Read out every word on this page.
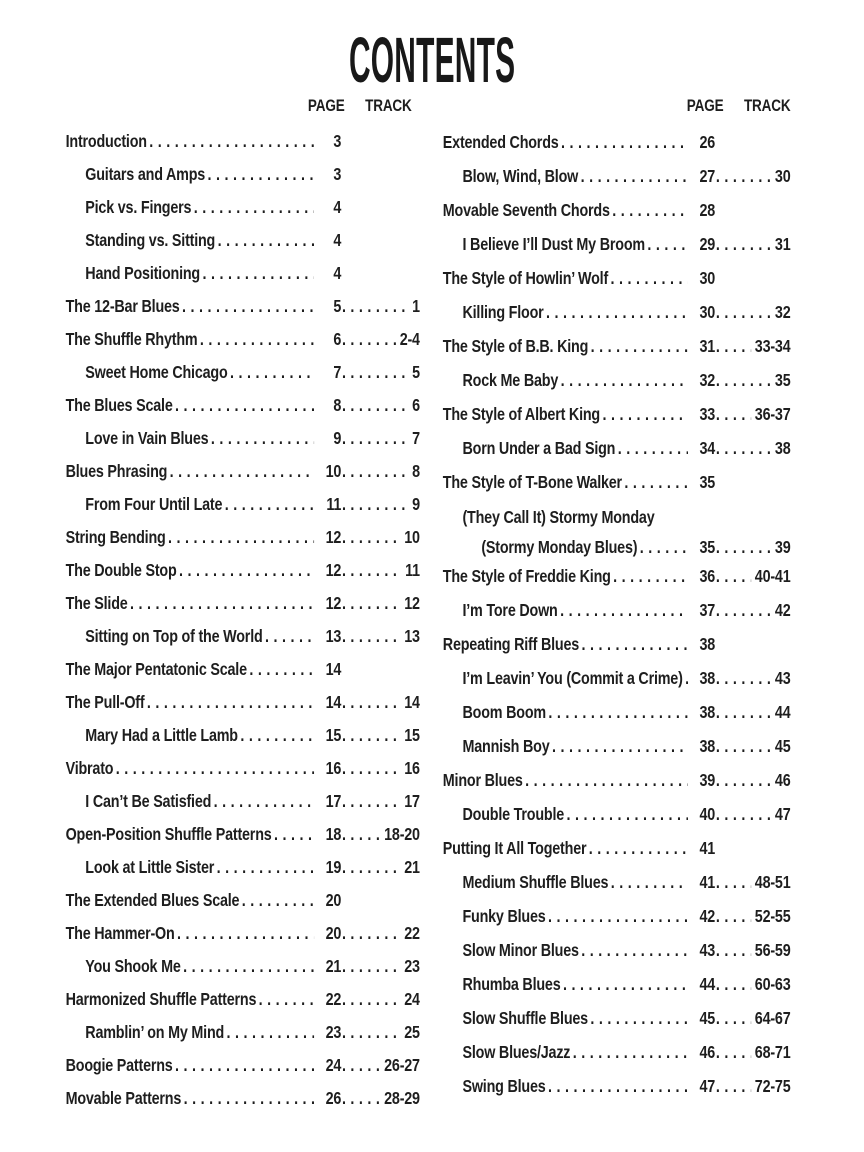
CONTENTS
PAGE TRACK
Introduction .....	3
Guitars and Amps .....	3
Pick vs. Fingers .....	4
Standing vs. Sitting .....	4
Hand Positioning .....	4
The 12-Bar Blues .....	5 .....	1
The Shuffle Rhythm .....	6 .....	2-4
Sweet Home Chicago .....	7 .....	5
The Blues Scale .....	8 .....	6
Love in Vain Blues .....	9 .....	7
Blues Phrasing .....	10 .....	8
From Four Until Late .....	11 .....	9
String Bending .....	12 .....	10
The Double Stop .....	12 .....	11
The Slide .....	12 .....	12
Sitting on Top of the World .....	13 .....	13
The Major Pentatonic Scale .....	14
The Pull-Off .....	14 .....	14
Mary Had a Little Lamb .....	15 .....	15
Vibrato .....	16 .....	16
I Can’t Be Satisfied .....	17 .....	17
Open-Position Shuffle Patterns .....	18 ..... 18-20
Look at Little Sister .....	19 .....	21
The Extended Blues Scale .....	20
The Hammer-On .....	20 .....	22
You Shook Me .....	21 .....	23
Harmonized Shuffle Patterns .....	22 .....	24
Ramblin’ on My Mind .....	23 .....	25
Boogie Patterns .....	24 ..... 26-27
Movable Patterns .....	26 ..... 28-29
PAGE TRACK
Extended Chords .....	26
Blow, Wind, Blow .....	27 .....	30
Movable Seventh Chords .....	28
I Believe I’ll Dust My Broom .....	29 .....	31
The Style of Howlin’ Wolf .....	30
Killing Floor .....	30 .....	32
The Style of B.B. King .....	31 ..... 33-34
Rock Me Baby .....	32 .....	35
The Style of Albert King .....	33 ..... 36-37
Born Under a Bad Sign .....	34 .....	38
The Style of T-Bone Walker .....	35
(They Call It) Stormy Monday
(Stormy Monday Blues) .....	35 .....	39
The Style of Freddie King .....	36 ..... 40-41
I’m Tore Down .....	37 .....	42
Repeating Riff Blues .....	38
I’m Leavin’ You (Commit a Crime) ..... 38 .....	43
Boom Boom .....	38 .....	44
Mannish Boy .....	38 .....	45
Minor Blues .....	39 .....	46
Double Trouble .....	40 .....	47
Putting It All Together .....	41
Medium Shuffle Blues .....	41 ..... 48-51
Funky Blues .....	42 ..... 52-55
Slow Minor Blues .....	43 ..... 56-59
Rhumba Blues .....	44 ..... 60-63
Slow Shuffle Blues .....	45 ..... 64-67
Slow Blues/Jazz .....	46 ..... 68-71
Swing Blues .....	47 ..... 72-75
